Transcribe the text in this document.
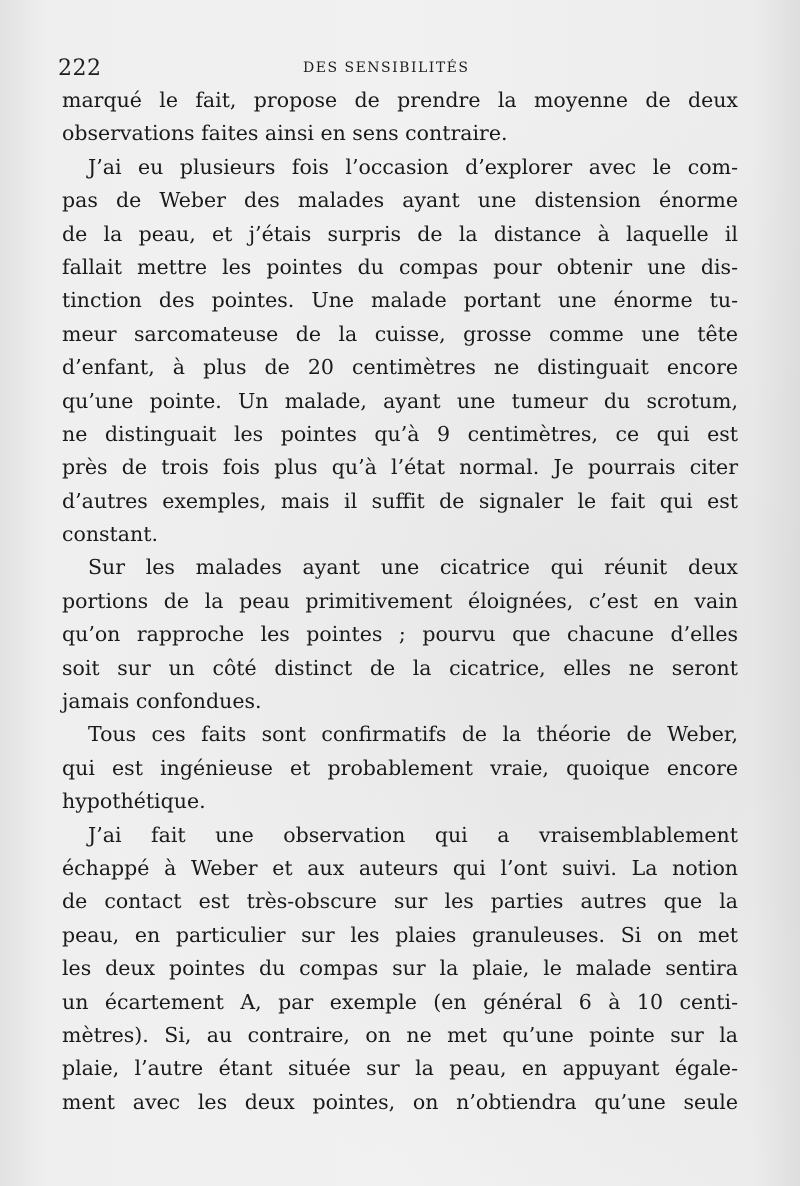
222	DES SENSIBILITÉS
marqué le fait, propose de prendre la moyenne de deux
observations faites ainsi en sens contraire.
J’ai eu plusieurs fois l’occasion d’explorer avec le com-
pas de Weber des malades ayant une distension énorme
de la peau, et j’étais surpris de la distance à laquelle il
fallait mettre les pointes du compas pour obtenir une dis-
tinction des pointes. Une malade portant une énorme tu-
meur sarcomateuse de la cuisse, grosse comme une tête
d’enfant, à plus de 20 centimètres ne distinguait encore
qu’une pointe. Un malade, ayant une tumeur du scrotum,
ne distinguait les pointes qu’à 9 centimètres, ce qui est
près de trois fois plus qu’à l’état normal. Je pourrais citer
d’autres exemples, mais il suffit de signaler le fait qui est
constant.
Sur les malades ayant une cicatrice qui réunit deux
portions de la peau primitivement éloignées, c’est en vain
qu’on rapproche les pointes ; pourvu que chacune d’elles
soit sur un côté distinct de la cicatrice, elles ne seront
jamais confondues.
Tous ces faits sont confirmatifs de la théorie de Weber,
qui est ingénieuse et probablement vraie, quoique encore
hypothétique.
J’ai fait une observation qui a vraisemblablement
échappé à Weber et aux auteurs qui l’ont suivi. La notion
de contact est très-obscure sur les parties autres que la
peau, en particulier sur les plaies granuleuses. Si on met
les deux pointes du compas sur la plaie, le malade sentira
un écartement A, par exemple (en général 6 à 10 centi-
mètres). Si, au contraire, on ne met qu’une pointe sur la
plaie, l’autre étant située sur la peau, en appuyant égale-
ment avec les deux pointes, on n’obtiendra qu’une seule
